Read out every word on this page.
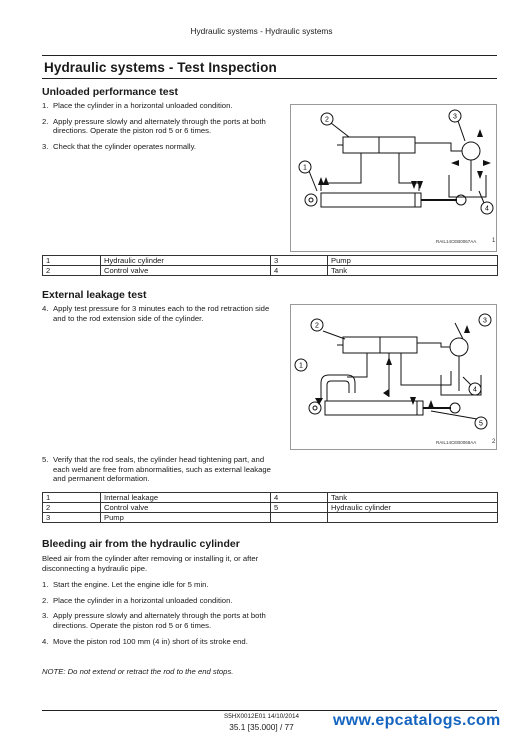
Hydraulic systems - Hydraulic systems
Hydraulic systems - Test Inspection
Unloaded performance test
1. Place the cylinder in a horizontal unloaded condition.
2. Apply pressure slowly and alternately through the ports at both directions. Operate the piston rod 5 or 6 times.
3. Check that the cylinder operates normally.
2
1
3
4
RAIL14CEB0067AA	1
1	Hydraulic cylinder	3	Pump
2	Control valve	4	Tank
External leakage test
4. Apply test pressure for 3 minutes each to the rod retraction side and to the rod extension side of the cylinder.
2
3
4
5
1
RAIL14CEB0068AA	2
5. Verify that the rod seals, the cylinder head tightening part, and each weld are free from abnormalities, such as external leakage and permanent deformation.
1	Internal leakage	4	Tank
2	Control valve	5	Hydraulic cylinder
3	Pump		
Bleeding air from the hydraulic cylinder
Bleed air from the cylinder after removing or installing it, or after disconnecting a hydraulic pipe.
1. Start the engine. Let the engine idle for 5 min.
2. Place the cylinder in a horizontal unloaded condition.
3. Apply pressure slowly and alternately through the ports at both directions. Operate the piston rod 5 or 6 times.
4. Move the piston rod 100 mm (4 in) short of its stroke end.
NOTE: Do not extend or retract the rod to the end stops.
S5HX0012E01 14/10/2014
35.1 [35.000] / 77	www.epcatalogs.com
